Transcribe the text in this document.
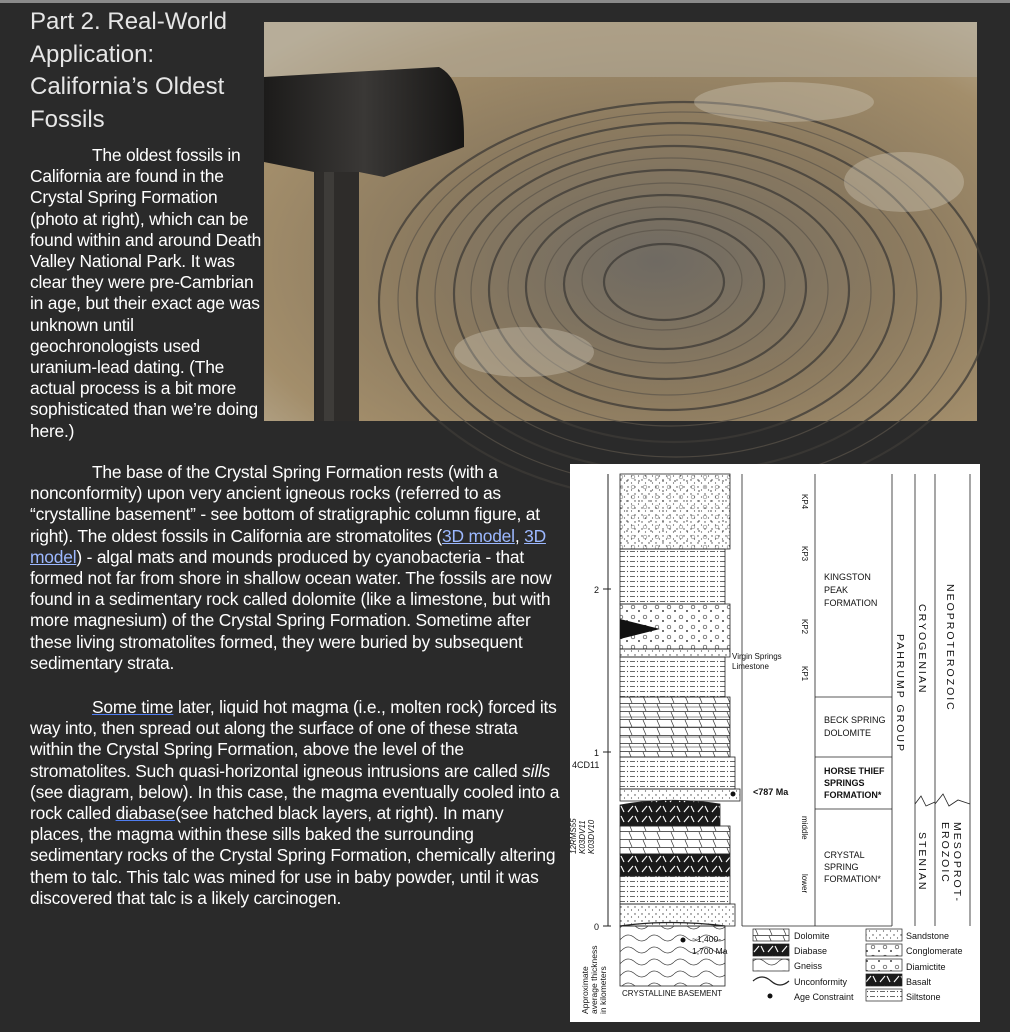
Part 2. Real-World Application: California’s Oldest Fossils

The oldest fossils in California are found in the Crystal Spring Formation (photo at right), which can be found within and around Death Valley National Park. It was clear they were pre-Cambrian in age, but their exact age was unknown until geochronologists used uranium-lead dating. (The actual process is a bit more sophisticated than we’re doing here.)

The base of the Crystal Spring Formation rests (with a nonconformity) upon very ancient igneous rocks (referred to as “crystalline basement” - see bottom of stratigraphic column figure, at right). The oldest fossils in California are stromatolites (3D model, 3D model) - algal mats and mounds produced by cyanobacteria - that formed not far from shore in shallow ocean water. The fossils are now found in a sedimentary rock called dolomite (like a limestone, but with more magnesium) of the Crystal Spring Formation. Sometime after these living stromatolites formed, they were buried by subsequent sedimentary strata.

Some time later, liquid hot magma (i.e., molten rock) forced its way into, then spread out along the surface of one of these strata within the Crystal Spring Formation, above the level of the stromatolites. Such quasi-horizontal igneous intrusions are called sills (see diagram, below). In this case, the magma eventually cooled into a rock called diabase(see hatched black layers, at right). In many places, the magma within these sills baked the surrounding sedimentary rocks of the Crystal Spring Formation, chemically altering them to talc. This talc was mined for use in baby powder, until it was discovered that talc is a likely carcinogen.

2
1
0
Approximate average thickness in kilometers
KP4
KP3
KP2
KP1
middle
lower
Virgin Springs
Limestone
<787 Ma
4CD11
12RMS55 K03DV11 K03DV10
~1,400-
1,700 Ma
CRYSTALLINE BASEMENT
KINGSTON
PEAK
FORMATION
BECK SPRING
DOLOMITE
HORSE THIEF
SPRINGS
FORMATION*
CRYSTAL
SPRING
FORMATION*
PAHRUMP GROUP CRYOGENIAN
STENIAN
NEOPROTEROZOIC
MESOPROT-
EROZOIC
Dolomite
Diabase
Gneiss
Unconformity
Age Constraint
Sandstone
Conglomerate
Diamictite
Basalt
Siltstone
